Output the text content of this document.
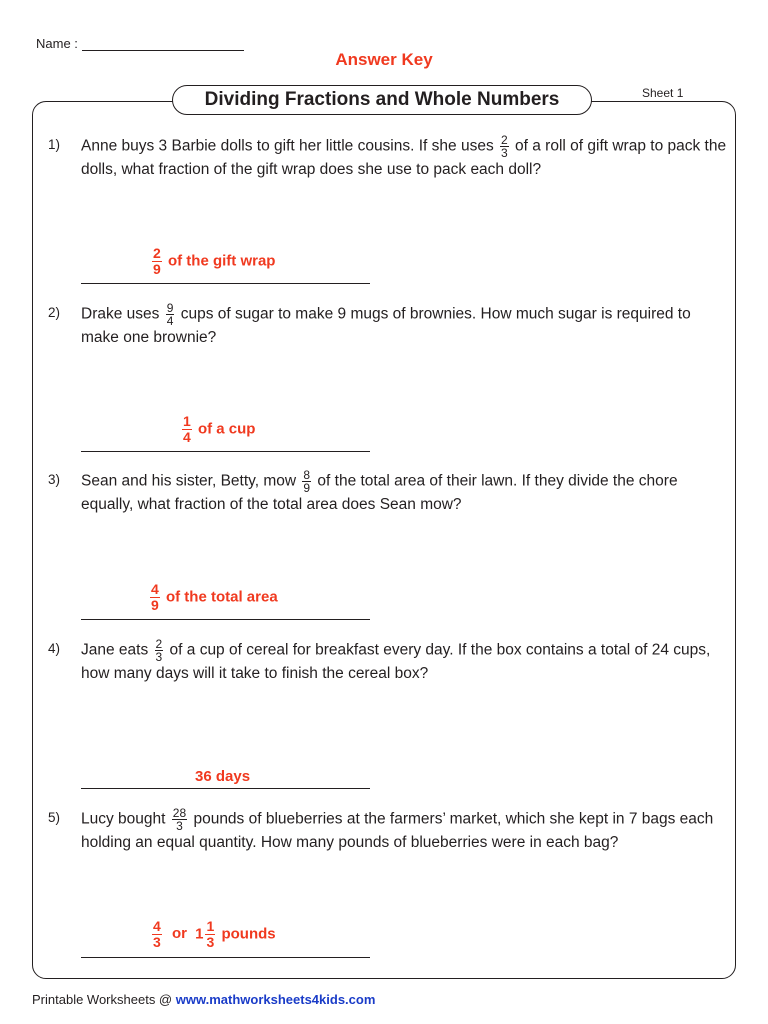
Name :
Answer Key
Sheet 1
Dividing Fractions and Whole Numbers
1)	Anne buys 3 Barbie dolls to gift her little cousins. If she uses $\frac{2}{3}$ of a roll of gift wrap to pack the dolls, what fraction of the gift wrap does she use to pack each doll?
$\frac{2}{9}$ of the gift wrap
2)	Drake uses $\frac{9}{4}$ cups of sugar to make 9 mugs of brownies. How much sugar is required to make one brownie?
$\frac{1}{4}$ of a cup
3)	Sean and his sister, Betty, mow $\frac{8}{9}$ of the total area of their lawn. If they divide the chore equally, what fraction of the total area does Sean mow?
$\frac{4}{9}$ of the total area
4)	Jane eats $\frac{2}{3}$ of a cup of cereal for breakfast every day. If the box contains a total of 24 cups, how many days will it take to finish the cereal box?
36 days
5)	Lucy bought $\frac{28}{3}$ pounds of blueberries at the farmers’ market, which she kept in 7 bags each holding an equal quantity. How many pounds of blueberries were in each bag?
$\frac{4}{3}$ or $1 \frac{1}{3}$ pounds
Printable Worksheets @ www.mathworksheets4kids.com
